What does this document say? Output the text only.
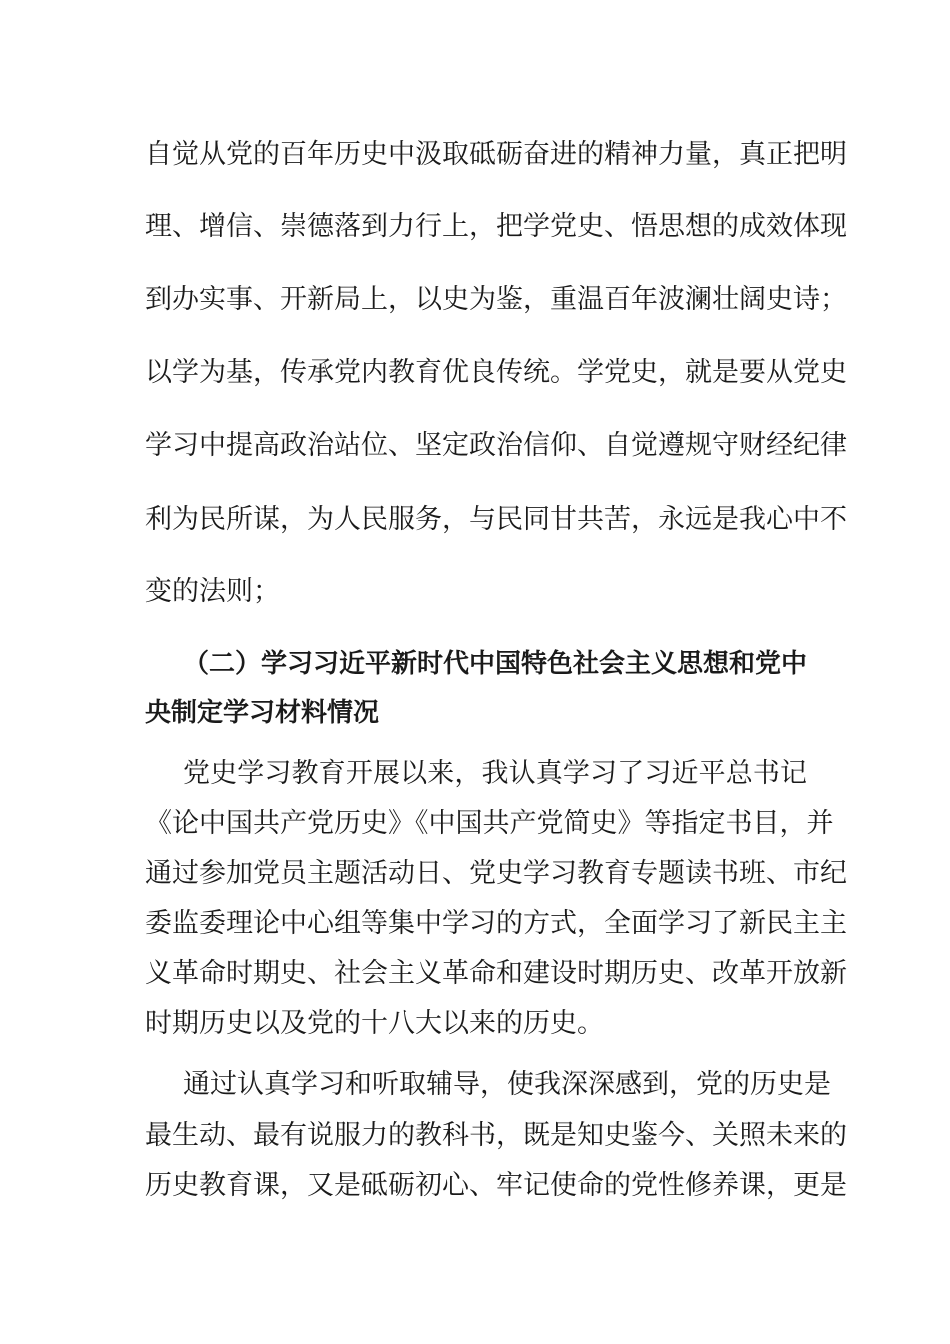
自觉从党的百年历史中汲取砥砺奋进的精神力量，真正把明

理、增信、崇德落到力行上，把学党史、悟思想的成效体现

到办实事、开新局上，以史为鉴，重温百年波澜壮阔史诗；

以学为基，传承党内教育优良传统。学党史，就是要从党史

学习中提高政治站位、坚定政治信仰、自觉遵规守财经纪律

利为民所谋，为人民服务，与民同甘共苦，永远是我心中不

变的法则；

（二）学习习近平新时代中国特色社会主义思想和党中

央制定学习材料情况

党史学习教育开展以来，我认真学习了习近平总书记

《论中国共产党历史》《中国共产党简史》等指定书目，并

通过参加党员主题活动日、党史学习教育专题读书班、市纪

委监委理论中心组等集中学习的方式，全面学习了新民主主

义革命时期史、社会主义革命和建设时期历史、改革开放新

时期历史以及党的十八大以来的历史。

通过认真学习和听取辅导，使我深深感到，党的历史是

最生动、最有说服力的教科书，既是知史鉴今、关照未来的

历史教育课，又是砥砺初心、牢记使命的党性修养课，更是
